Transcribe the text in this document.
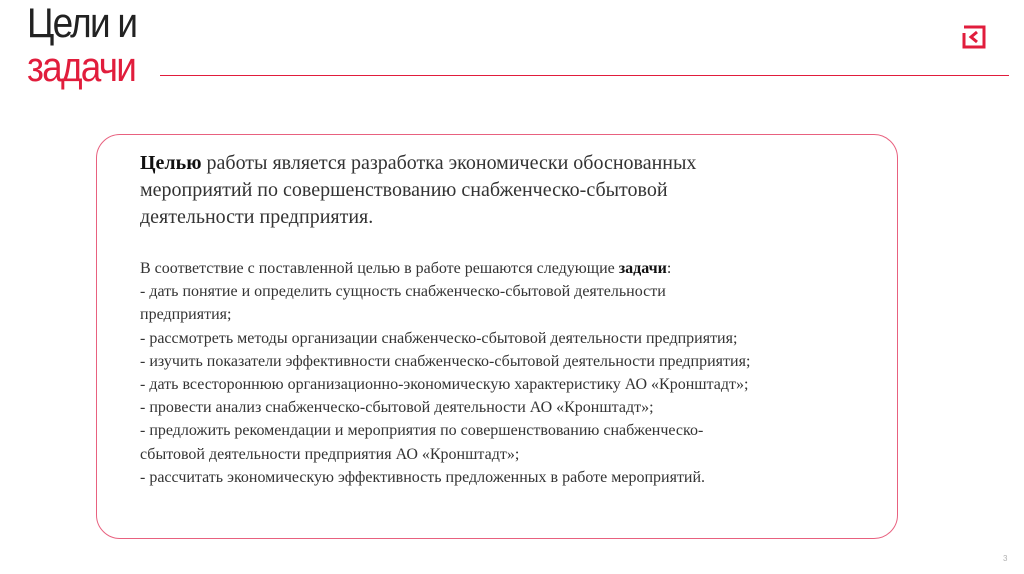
Цели и
задачи
Целью работы является разработка экономически обоснованных
мероприятий по совершенствованию снабженческо-сбытовой
деятельности предприятия.
В соответствие с поставленной целью в работе решаются следующие задачи:
- дать понятие и определить сущность снабженческо-сбытовой деятельности
предприятия;
- рассмотреть методы организации снабженческо-сбытовой деятельности предприятия;
- изучить показатели эффективности снабженческо-сбытовой деятельности предприятия;
- дать всестороннюю организационно-экономическую характеристику АО «Кронштадт»;
- провести анализ снабженческо-сбытовой деятельности АО «Кронштадт»;
- предложить рекомендации и мероприятия по совершенствованию снабженческо-
сбытовой деятельности предприятия АО «Кронштадт»;
- рассчитать экономическую эффективность предложенных в работе мероприятий.
3
